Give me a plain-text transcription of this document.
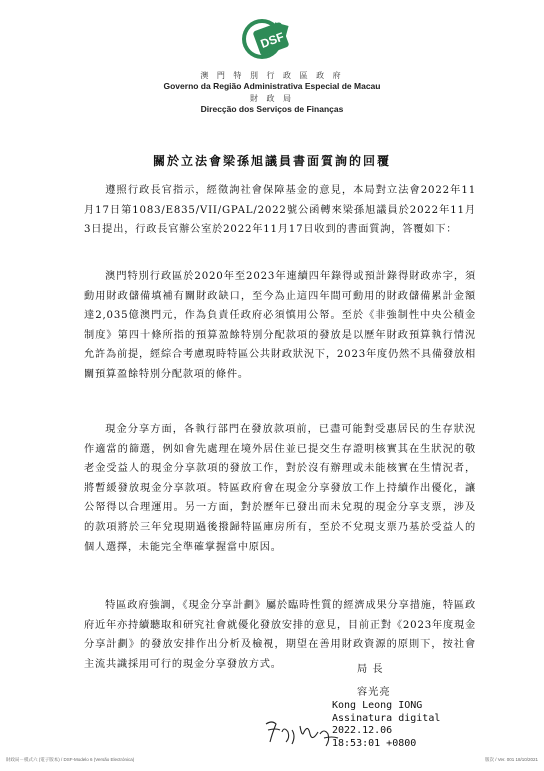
DSF
澳 門 特 別 行 政 區 政 府
Governo da Região Administrativa Especial de Macau
財 政 局
Direcção dos Serviços de Finanças
關於立法會梁孫旭議員書面質詢的回覆
遵照行政長官指示，經徵詢社會保障基金的意見，本局對立法會2022年11月17日第1083/E835/VII/GPAL/2022號公函轉來梁孫旭議員於2022年11月3日提出，行政長官辦公室於2022年11月17日收到的書面質詢，答覆如下：
澳門特別行政區於2020年至2023年連續四年錄得或預計錄得財政赤字，須動用財政儲備填補有關財政缺口，至今為止這四年間可動用的財政儲備累計金額達2,035億澳門元，作為負責任政府必須慎用公帑。至於《非強制性中央公積金制度》第四十條所指的預算盈餘特別分配款項的發放是以歷年財政預算執行情況允許為前提，經綜合考慮現時特區公共財政狀況下，2023年度仍然不具備發放相關預算盈餘特別分配款項的條件。
現金分享方面，各執行部門在發放款項前，已盡可能對受惠居民的生存狀況作適當的篩選，例如會先處理在境外居住並已提交生存證明核實其在生狀況的敬老金受益人的現金分享款項的發放工作，對於沒有辦理或未能核實在生情況者，將暫緩發放現金分享款項。特區政府會在現金分享發放工作上持續作出優化，讓公帑得以合理運用。另一方面，對於歷年已發出而未兌現的現金分享支票，涉及的款項將於三年兌現期過後撥歸特區庫房所有，至於不兌現支票乃基於受益人的個人選擇，未能完全準確掌握當中原因。
特區政府強調，《現金分享計劃》屬於臨時性質的經濟成果分享措施，特區政府近年亦持續聽取和研究社會就優化發放安排的意見，目前正對《2023年度現金分享計劃》的發放安排作出分析及檢視，期望在善用財政資源的原則下，按社會主流共識採用可行的現金分享發放方式。	局 長
容光亮
Kong Leong IONG
Assinatura digital
2022.12.06
18:53:01 +0800
財政局－模式六 (電子版本) / DSF-Modelo 6 (Versão Electrónica)	版次 / Ver. 001 18/10/2021
